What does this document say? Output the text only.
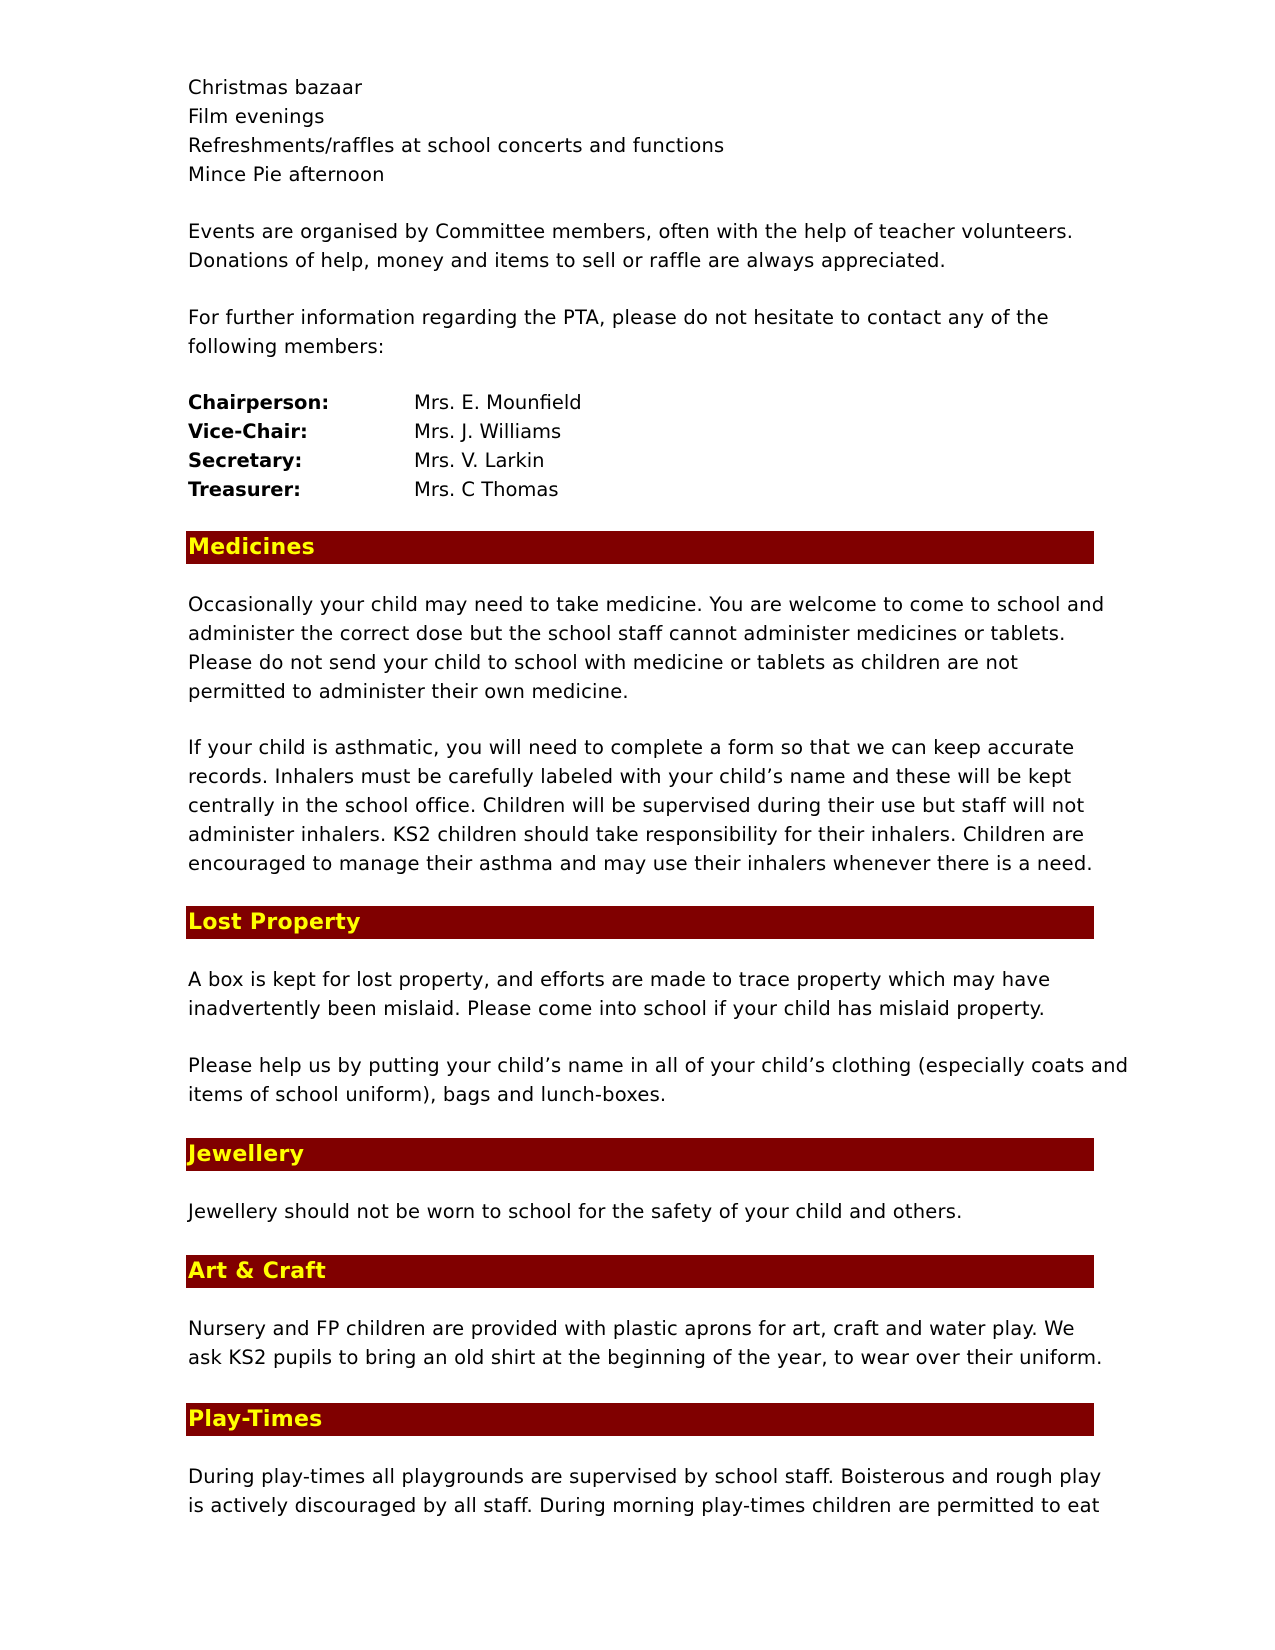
Christmas bazaar
Film evenings
Refreshments/raffles at school concerts and functions
Mince Pie afternoon
Events are organised by Committee members, often with the help of teacher volunteers.
Donations of help, money and items to sell or raffle are always appreciated.
For further information regarding the PTA, please do not hesitate to contact any of the
following members:
Chairperson:	Mrs. E. Mounfield
Vice-Chair:	Mrs. J. Williams
Secretary:	Mrs. V. Larkin
Treasurer:	Mrs. C Thomas
Medicines
Occasionally your child may need to take medicine. You are welcome to come to school and
administer the correct dose but the school staff cannot administer medicines or tablets.
Please do not send your child to school with medicine or tablets as children are not
permitted to administer their own medicine.
If your child is asthmatic, you will need to complete a form so that we can keep accurate
records. Inhalers must be carefully labeled with your child’s name and these will be kept
centrally in the school office. Children will be supervised during their use but staff will not
administer inhalers. KS2 children should take responsibility for their inhalers. Children are
encouraged to manage their asthma and may use their inhalers whenever there is a need.
Lost Property
A box is kept for lost property, and efforts are made to trace property which may have
inadvertently been mislaid. Please come into school if your child has mislaid property.
Please help us by putting your child’s name in all of your child’s clothing (especially coats and
items of school uniform), bags and lunch-boxes.
Jewellery
Jewellery should not be worn to school for the safety of your child and others.
Art & Craft
Nursery and FP children are provided with plastic aprons for art, craft and water play. We
ask KS2 pupils to bring an old shirt at the beginning of the year, to wear over their uniform.
Play-Times
During play-times all playgrounds are supervised by school staff. Boisterous and rough play
is actively discouraged by all staff. During morning play-times children are permitted to eat
